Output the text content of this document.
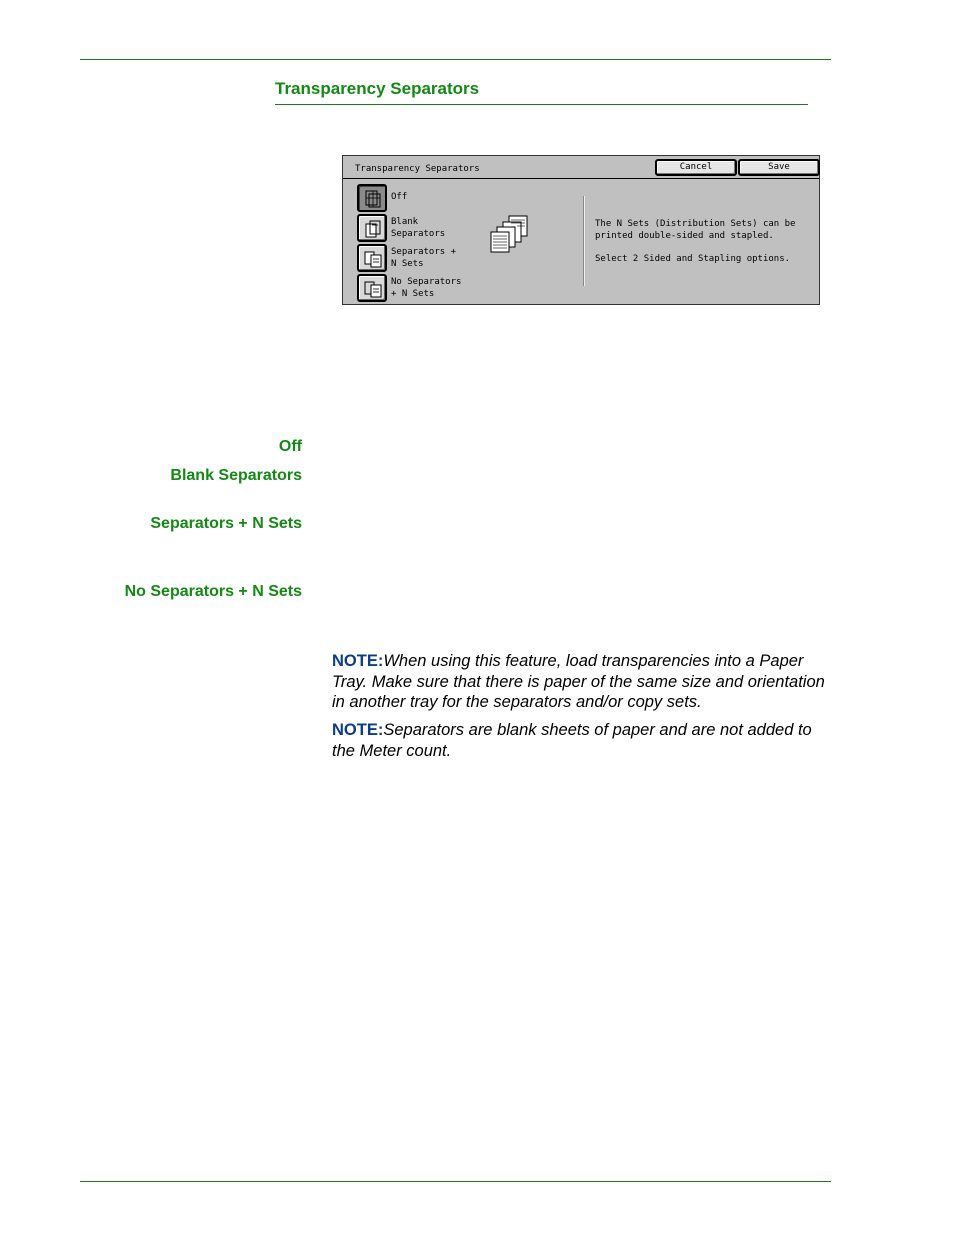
Transparency Separators
Transparency Separators	Cancel	Save
Off
Blank
Separators
Separators +
N Sets
No Separators
+ N Sets
The N Sets (Distribution Sets) can be
printed double-sided and stapled.
Select 2 Sided and Stapling options.
Off
Blank Separators
Separators + N Sets
No Separators + N Sets
NOTE:When using this feature, load transparencies into a Paper Tray. Make sure that there is paper of the same size and orientation in another tray for the separators and/or copy sets.
NOTE:Separators are blank sheets of paper and are not added to the Meter count.
